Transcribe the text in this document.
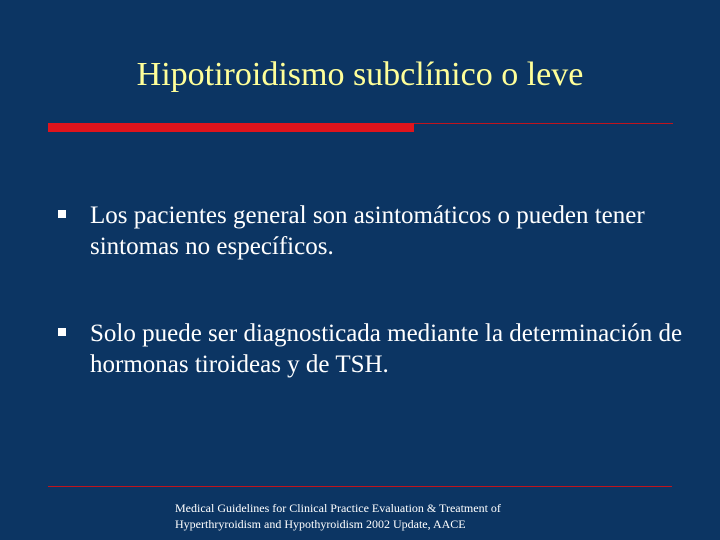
Hipotiroidismo subclínico o leve
Los pacientes general son asintomáticos o pueden tener sintomas no específicos.
Solo puede ser diagnosticada mediante la determinación de hormonas tiroideas y de TSH.
Medical Guidelines for Clinical Practice Evaluation & Treatment of
Hyperthryroidism and Hypothyroidism 2002 Update, AACE
